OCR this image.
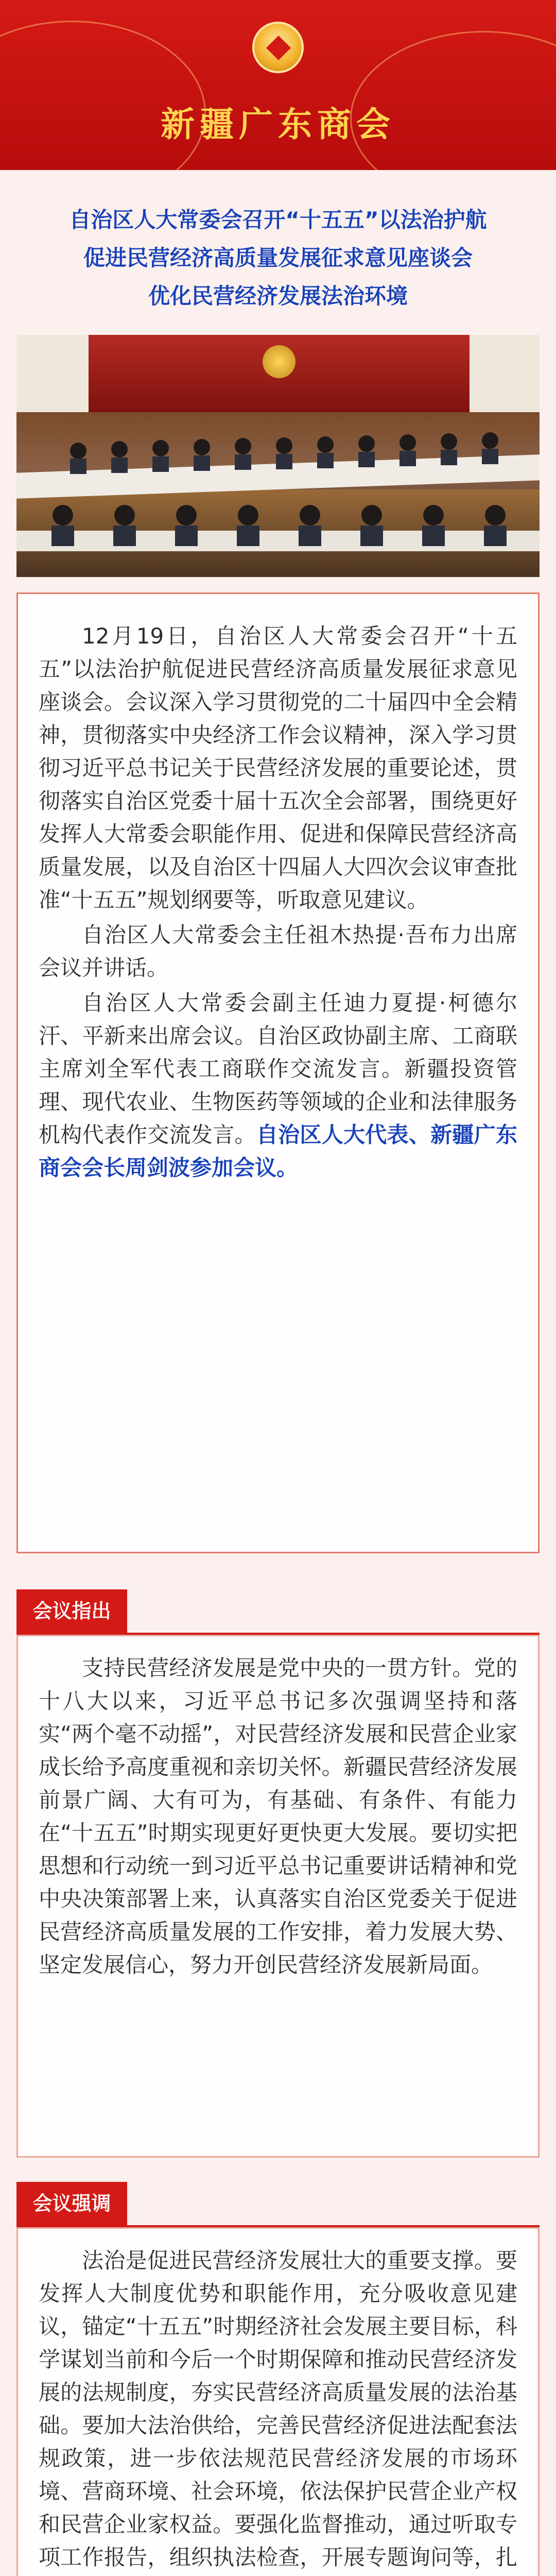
新疆广东商会
自治区人大常委会召开“十五五”以法治护航
促进民营经济高质量发展征求意见座谈会
优化民营经济发展法治环境

12月19日，自治区人大常委会召开“十五五”以法治护航促进民营经济高质量发展征求意见座谈会。会议深入学习贯彻党的二十届四中全会精神，贯彻落实中央经济工作会议精神，深入学习贯彻习近平总书记关于民营经济发展的重要论述，贯彻落实自治区党委十届十五次全会部署，围绕更好发挥人大常委会职能作用、促进和保障民营经济高质量发展，以及自治区十四届人大四次会议审查批准“十五五”规划纲要等，听取意见建议。

自治区人大常委会主任祖木热提·吾布力出席会议并讲话。

自治区人大常委会副主任迪力夏提·柯德尔汗、平新来出席会议。自治区政协副主席、工商联主席刘全军代表工商联作交流发言。新疆投资管理、现代农业、生物医药等领域的企业和法律服务机构代表作交流发言。自治区人大代表、新疆广东商会会长周剑波参加会议。

会议指出

支持民营经济发展是党中央的一贯方针。党的十八大以来，习近平总书记多次强调坚持和落实“两个毫不动摇”，对民营经济发展和民营企业家成长给予高度重视和亲切关怀。新疆民营经济发展前景广阔、大有可为，有基础、有条件、有能力在“十五五”时期实现更好更快更大发展。要切实把思想和行动统一到习近平总书记重要讲话精神和党中央决策部署上来，认真落实自治区党委关于促进民营经济高质量发展的工作安排，着力发展大势、坚定发展信心，努力开创民营经济发展新局面。

会议强调

法治是促进民营经济发展壮大的重要支撑。要发挥人大制度优势和职能作用，充分吸收意见建议，锚定“十五五”时期经济社会发展主要目标，科学谋划当前和今后一个时期保障和推动民营经济发展的法规制度，夯实民营经济高质量发展的法治基础。要加大法治供给，完善民营经济促进法配套法规政策，进一步依法规范民营经济发展的市场环境、营商环境、社会环境，依法保护民营企业产权和民营企业家权益。要强化监督推动，通过听取专项工作报告，组织执法检查，开展专题询问等，扎
